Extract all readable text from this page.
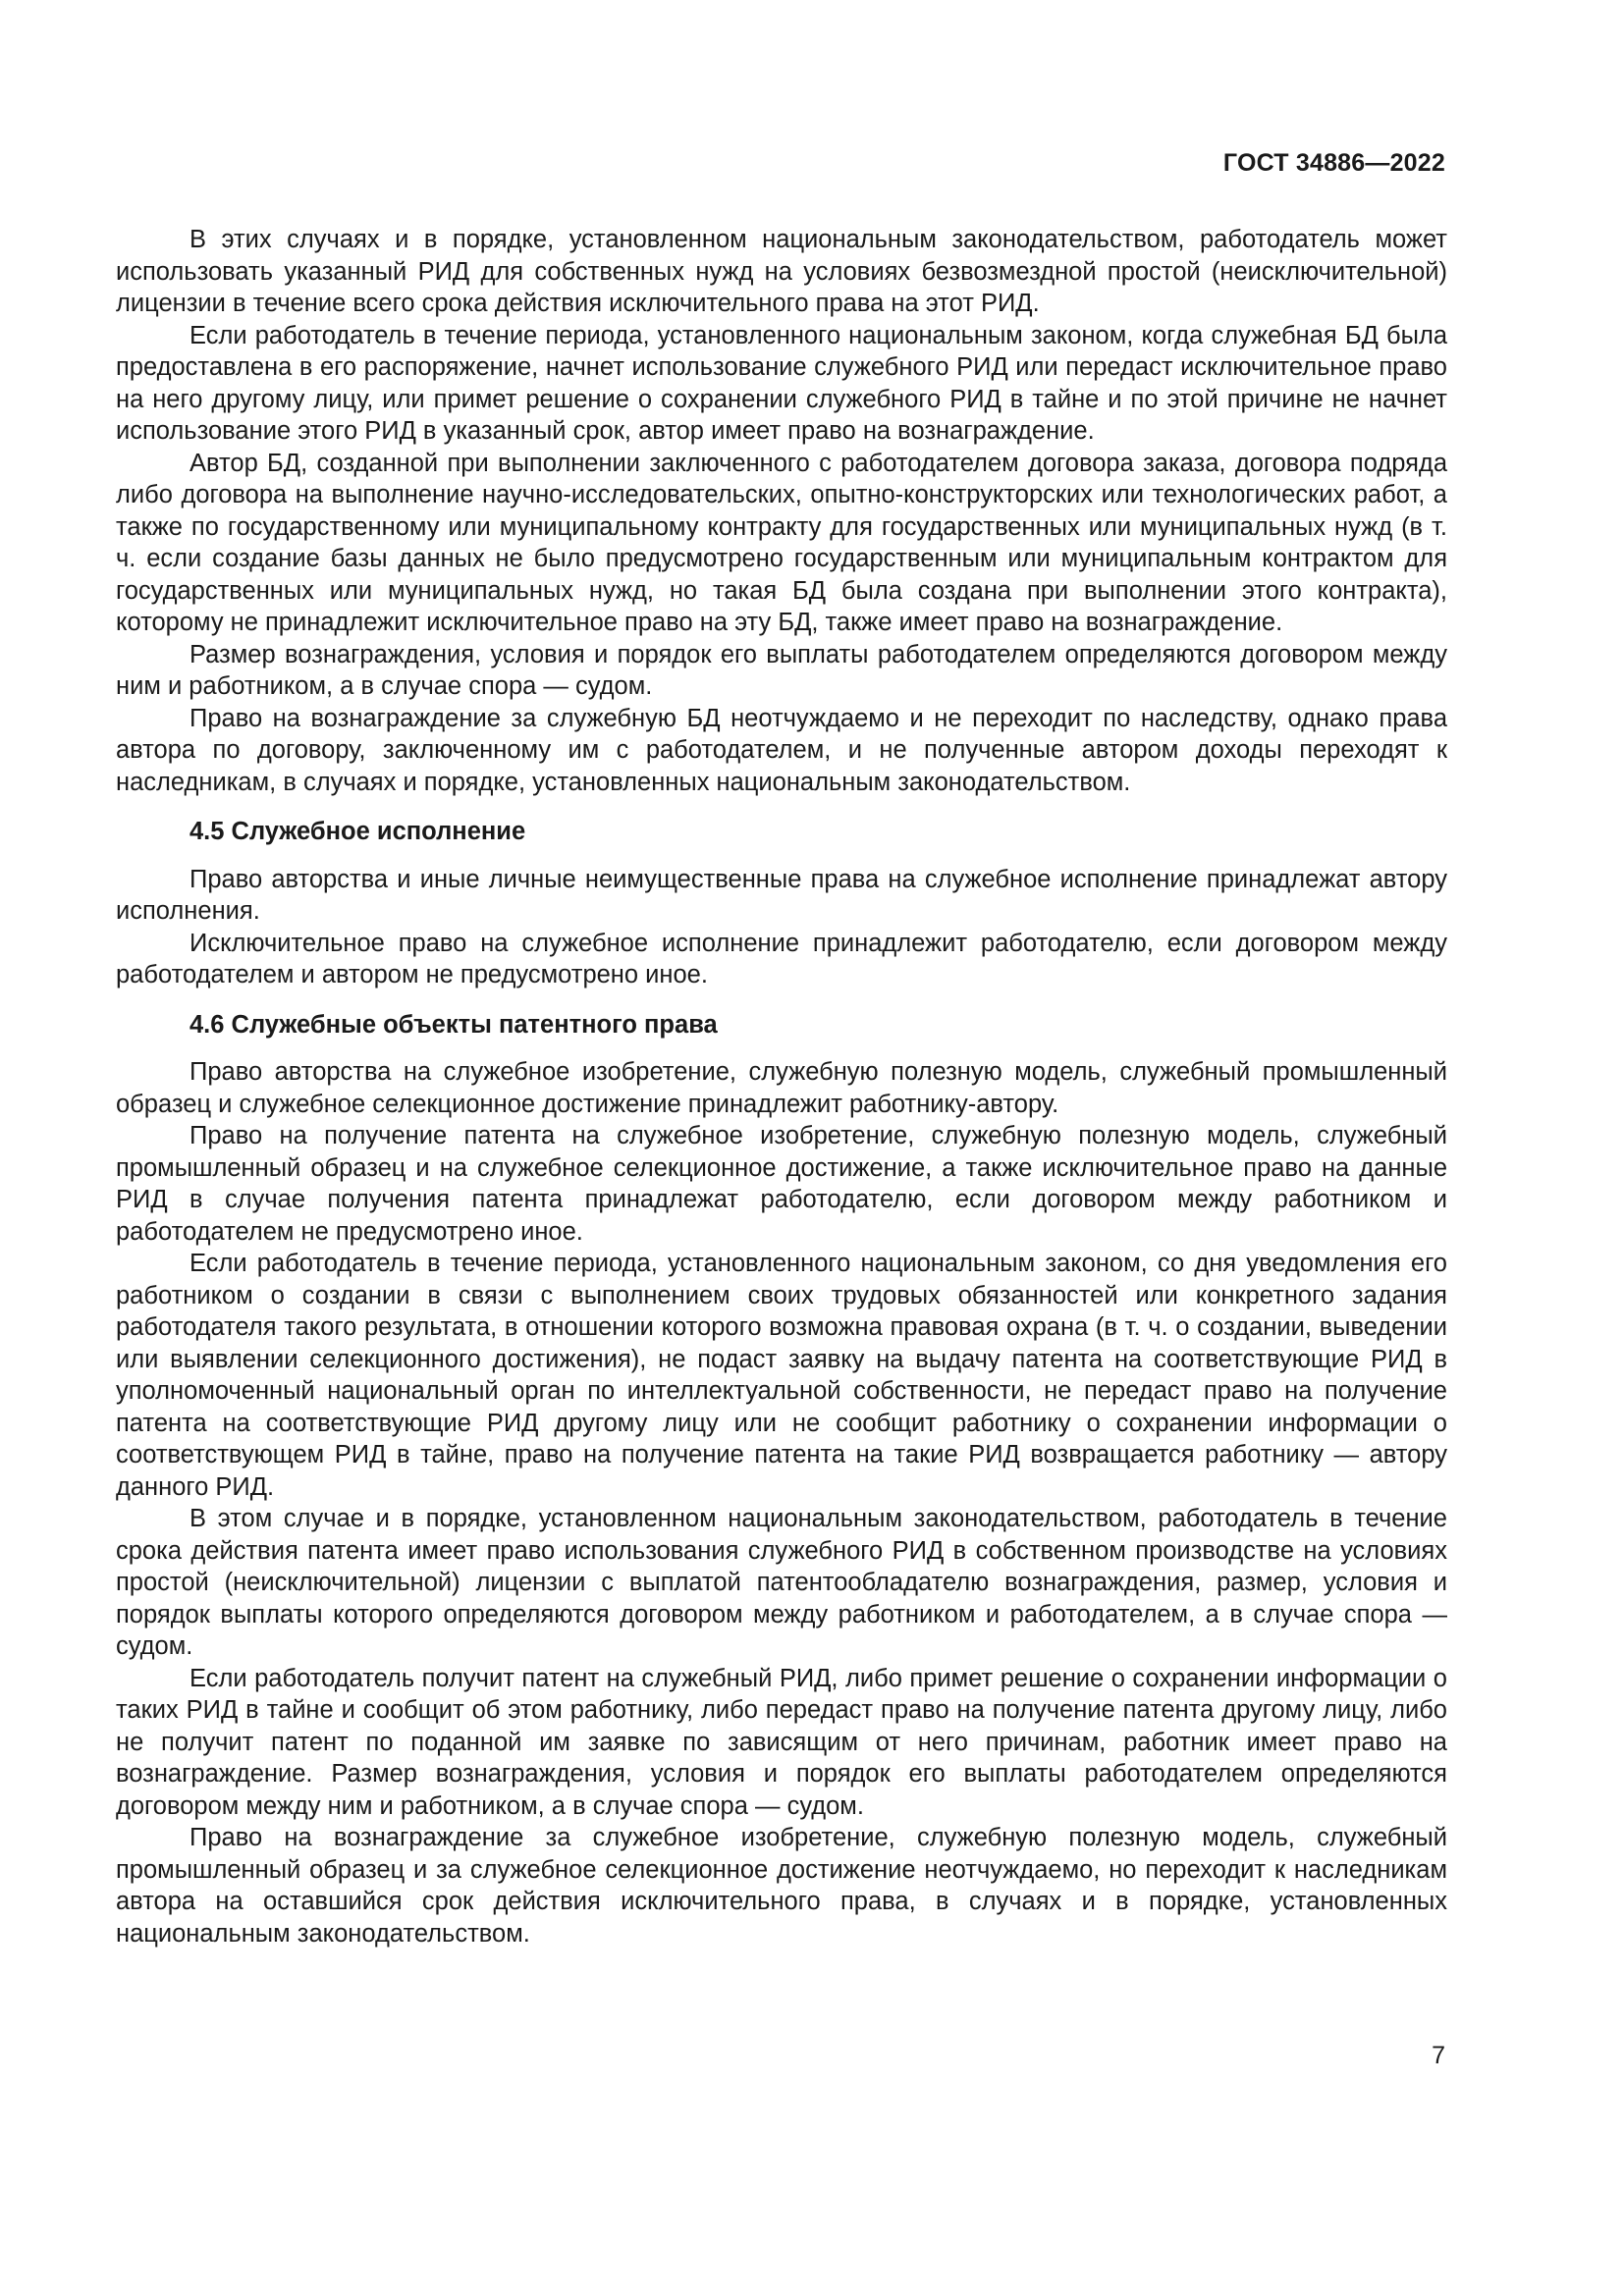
ГОСТ 34886—2022

В этих случаях и в порядке, установленном национальным законодательством, работодатель может использовать указанный РИД для собственных нужд на условиях безвозмездной простой (неисключительной) лицензии в течение всего срока действия исключительного права на этот РИД.

Если работодатель в течение периода, установленного национальным законом, когда служебная БД была предоставлена в его распоряжение, начнет использование служебного РИД или передаст исключительное право на него другому лицу, или примет решение о сохранении служебного РИД в тайне и по этой причине не начнет использование этого РИД в указанный срок, автор имеет право на вознаграждение.

Автор БД, созданной при выполнении заключенного с работодателем договора заказа, договора подряда либо договора на выполнение научно-исследовательских, опытно-конструкторских или технологических работ, а также по государственному или муниципальному контракту для государственных или муниципальных нужд (в т. ч. если создание базы данных не было предусмотрено государственным или муниципальным контрактом для государственных или муниципальных нужд, но такая БД была создана при выполнении этого контракта), которому не принадлежит исключительное право на эту БД, также имеет право на вознаграждение.

Размер вознаграждения, условия и порядок его выплаты работодателем определяются договором между ним и работником, а в случае спора — судом.

Право на вознаграждение за служебную БД неотчуждаемо и не переходит по наследству, однако права автора по договору, заключенному им с работодателем, и не полученные автором доходы переходят к наследникам, в случаях и порядке, установленных национальным законодательством.

4.5 Служебное исполнение

Право авторства и иные личные неимущественные права на служебное исполнение принадлежат автору исполнения.

Исключительное право на служебное исполнение принадлежит работодателю, если договором между работодателем и автором не предусмотрено иное.

4.6 Служебные объекты патентного права

Право авторства на служебное изобретение, служебную полезную модель, служебный промышленный образец и служебное селекционное достижение принадлежит работнику-автору.

Право на получение патента на служебное изобретение, служебную полезную модель, служебный промышленный образец и на служебное селекционное достижение, а также исключительное право на данные РИД в случае получения патента принадлежат работодателю, если договором между работником и работодателем не предусмотрено иное.

Если работодатель в течение периода, установленного национальным законом, со дня уведомления его работником о создании в связи с выполнением своих трудовых обязанностей или конкретного задания работодателя такого результата, в отношении которого возможна правовая охрана (в т. ч. о создании, выведении или выявлении селекционного достижения), не подаст заявку на выдачу патента на соответствующие РИД в уполномоченный национальный орган по интеллектуальной собственности, не передаст право на получение патента на соответствующие РИД другому лицу или не сообщит работнику о сохранении информации о соответствующем РИД в тайне, право на получение патента на такие РИД возвращается работнику — автору данного РИД.

В этом случае и в порядке, установленном национальным законодательством, работодатель в течение срока действия патента имеет право использования служебного РИД в собственном производстве на условиях простой (неисключительной) лицензии с выплатой патентообладателю вознаграждения, размер, условия и порядок выплаты которого определяются договором между работником и работодателем, а в случае спора — судом.

Если работодатель получит патент на служебный РИД, либо примет решение о сохранении информации о таких РИД в тайне и сообщит об этом работнику, либо передаст право на получение патента другому лицу, либо не получит патент по поданной им заявке по зависящим от него причинам, работник имеет право на вознаграждение. Размер вознаграждения, условия и порядок его выплаты работодателем определяются договором между ним и работником, а в случае спора — судом.

Право на вознаграждение за служебное изобретение, служебную полезную модель, служебный промышленный образец и за служебное селекционное достижение неотчуждаемо, но переходит к наследникам автора на оставшийся срок действия исключительного права, в случаях и в порядке, установленных национальным законодательством.

7
